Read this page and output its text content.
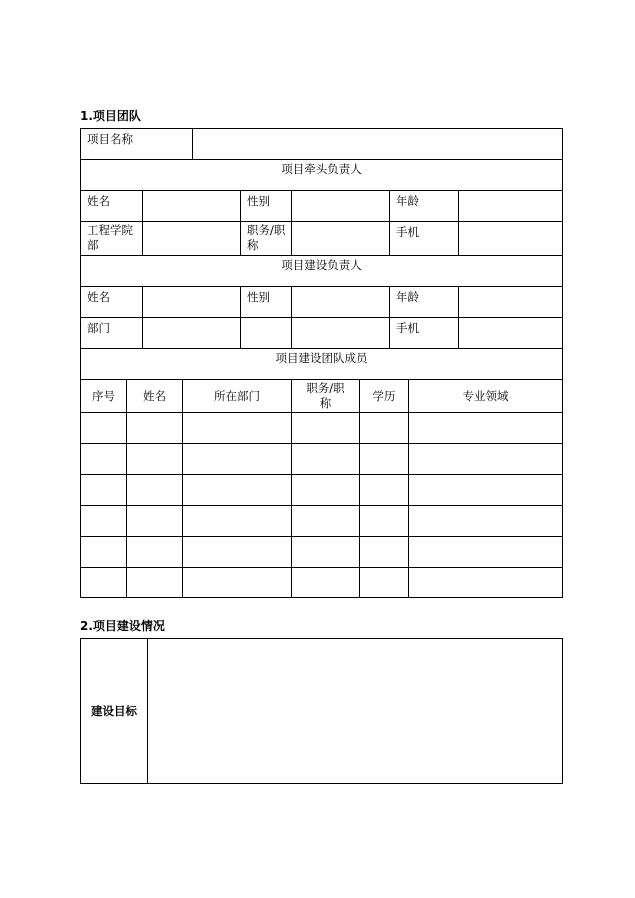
1.项目团队
项目名称										
项目牵头负责人										
姓名					性别			年龄		
工程学院部					职务/职称			手机		
项目建设负责人										
姓名					性别			年龄		
部门								手机		
项目建设团队成员										
序号	姓名		所在部门			职务/职称	学历		专业领域	

2.项目建设情况
建设目标	
